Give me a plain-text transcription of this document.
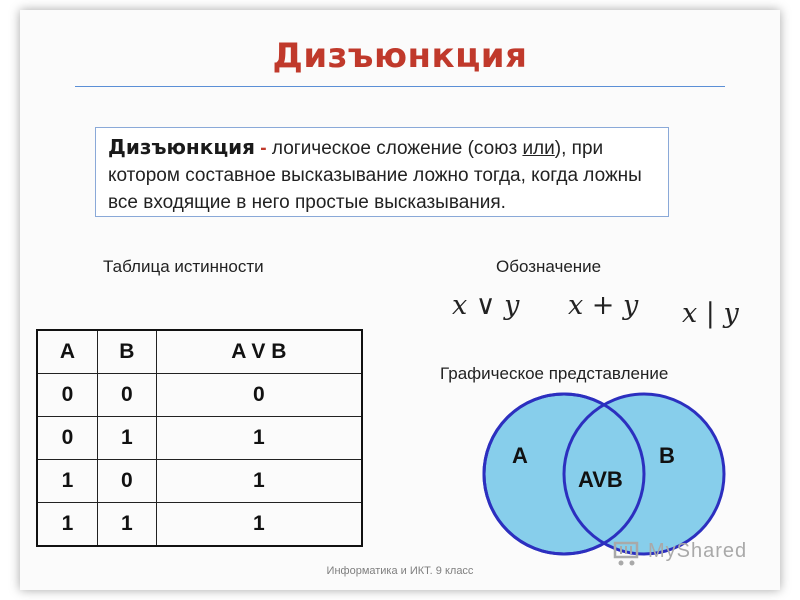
Дизъюнкция
Дизъюнкция - логическое сложение (союз или), при котором составное высказывание ложно тогда, когда ложны все входящие в него простые высказывания.
Таблица истинности	Обозначение
x ∨ y x + y x | y
A	B	A V B
0	0	0
0	1	1
1	0	1
1	1	1
Графическое представление
A	B
AVB
Информатика и ИКТ. 9 класс
MyShared
